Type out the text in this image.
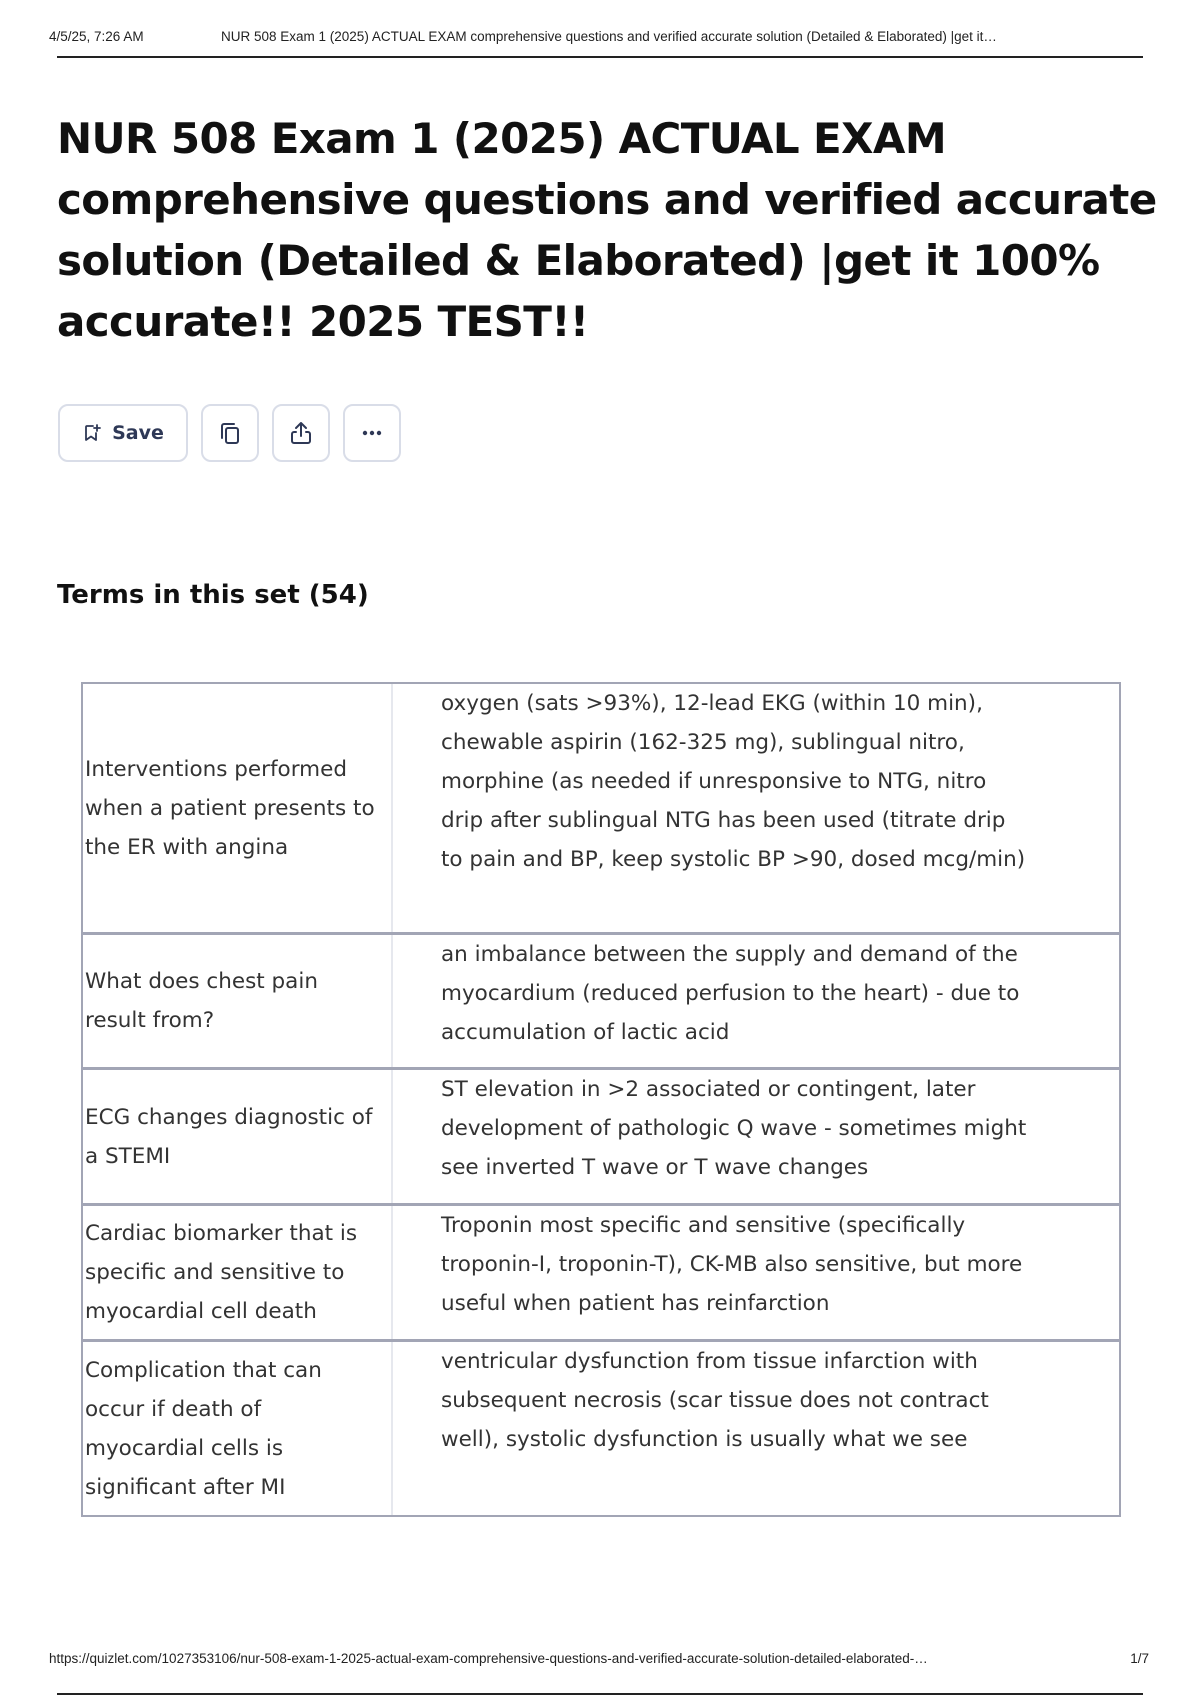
4/5/25, 7:26 AM	NUR 508 Exam 1 (2025) ACTUAL EXAM comprehensive questions and verified accurate solution (Detailed & Elaborated) |get it…
NUR 508 Exam 1 (2025) ACTUAL EXAM comprehensive questions and verified accurate solution (Detailed & Elaborated) |get it 100% accurate!! 2025 TEST!!
Save
Terms in this set (54)
Interventions performed when a patient presents to the ER with angina
oxygen (sats >93%), 12-lead EKG (within 10 min), chewable aspirin (162-325 mg), sublingual nitro, morphine (as needed if unresponsive to NTG, nitro drip after sublingual NTG has been used (titrate drip to pain and BP, keep systolic BP >90, dosed mcg/min)
What does chest pain result from?
an imbalance between the supply and demand of the myocardium (reduced perfusion to the heart) - due to accumulation of lactic acid
ECG changes diagnostic of a STEMI
ST elevation in >2 associated or contingent, later development of pathologic Q wave - sometimes might see inverted T wave or T wave changes
Cardiac biomarker that is specific and sensitive to myocardial cell death
Troponin most specific and sensitive (specifically troponin-I, troponin-T), CK-MB also sensitive, but more useful when patient has reinfarction
Complication that can occur if death of myocardial cells is significant after MI
ventricular dysfunction from tissue infarction with subsequent necrosis (scar tissue does not contract well), systolic dysfunction is usually what we see
https://quizlet.com/1027353106/nur-508-exam-1-2025-actual-exam-comprehensive-questions-and-verified-accurate-solution-detailed-elaborated-…	1/7
